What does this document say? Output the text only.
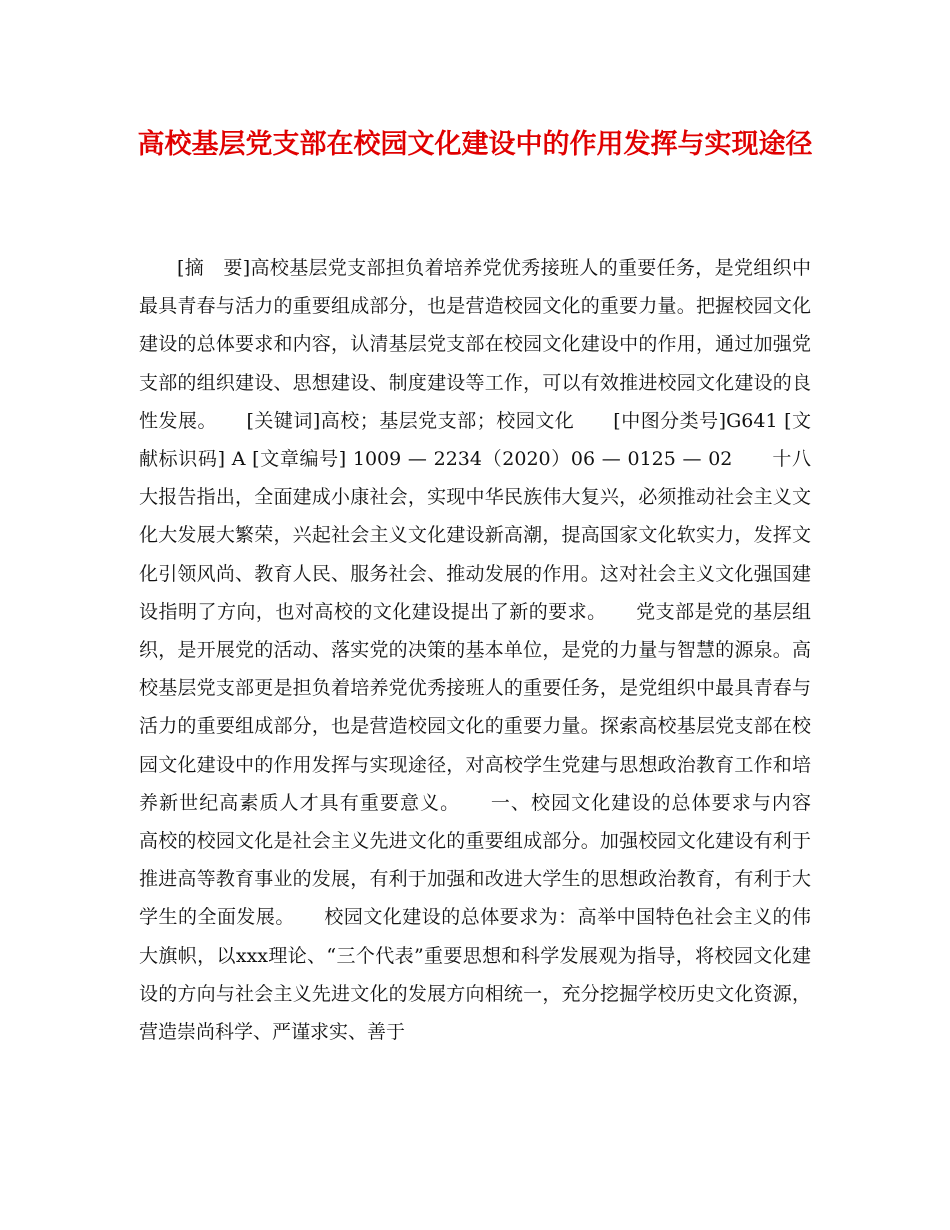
高校基层党支部在校园文化建设中的作用发挥与实现途径

[摘　要]高校基层党支部担负着培养党优秀接班人的重要任务，是党组织中最具青春与活力的重要组成部分，也是营造校园文化的重要力量。把握校园文化建设的总体要求和内容，认清基层党支部在校园文化建设中的作用，通过加强党支部的组织建设、思想建设、制度建设等工作，可以有效推进校园文化建设的良性发展。　　[关键词]高校；基层党支部；校园文化　　[中图分类号]G641 [文献标识码] A [文章编号] 1009 — 2234（2020）06 — 0125 — 02　　十八大报告指出，全面建成小康社会，实现中华民族伟大复兴，必须推动社会主义文化大发展大繁荣，兴起社会主义文化建设新高潮，提高国家文化软实力，发挥文化引领风尚、教育人民、服务社会、推动发展的作用。这对社会主义文化强国建设指明了方向，也对高校的文化建设提出了新的要求。　　党支部是党的基层组织，是开展党的活动、落实党的决策的基本单位，是党的力量与智慧的源泉。高校基层党支部更是担负着培养党优秀接班人的重要任务，是党组织中最具青春与活力的重要组成部分，也是营造校园文化的重要力量。探索高校基层党支部在校园文化建设中的作用发挥与实现途径，对高校学生党建与思想政治教育工作和培养新世纪高素质人才具有重要意义。　　一、校园文化建设的总体要求与内容　　高校的校园文化是社会主义先进文化的重要组成部分。加强校园文化建设有利于推进高等教育事业的发展，有利于加强和改进大学生的思想政治教育，有利于大学生的全面发展。　　校园文化建设的总体要求为：高举中国特色社会主义的伟大旗帜，以xxx理论、“三个代表”重要思想和科学发展观为指导，将校园文化建设的方向与社会主义先进文化的发展方向相统一，充分挖掘学校历史文化资源，营造崇尚科学、严谨求实、善于
